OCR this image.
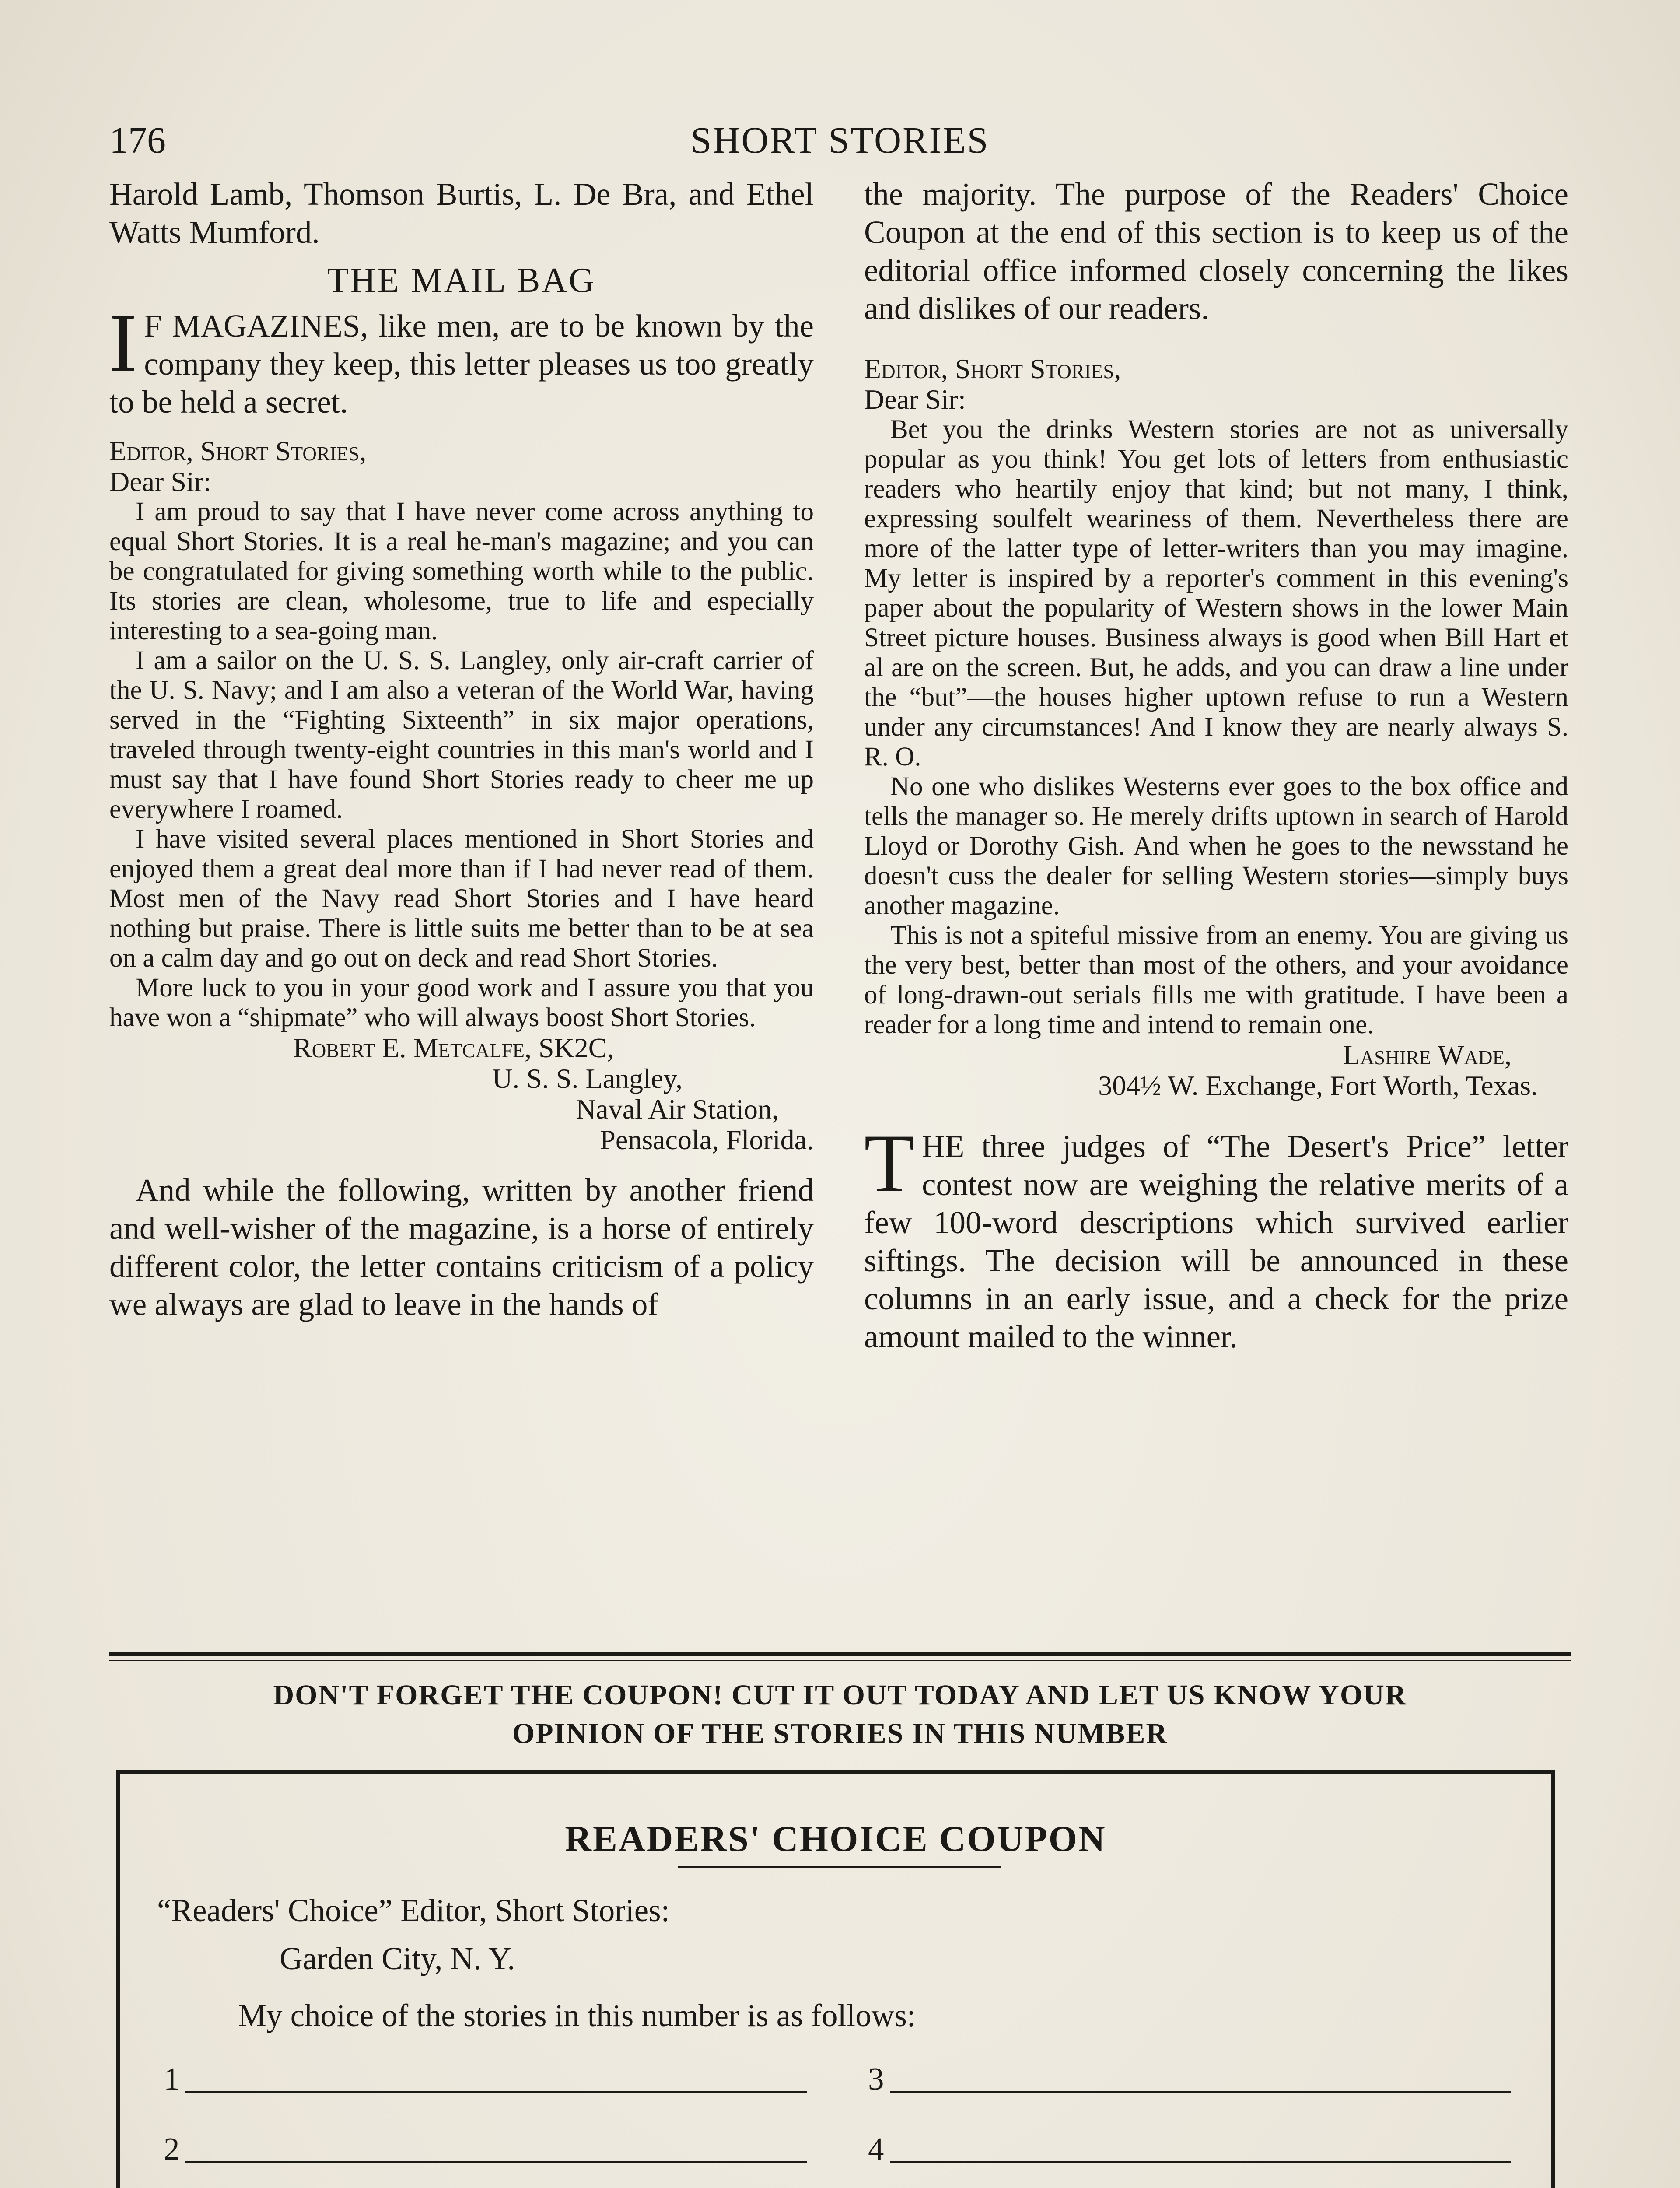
176	SHORT STORIES

Harold Lamb, Thomson Burtis, L. De Bra, and Ethel Watts Mumford.

THE MAIL BAG

I F MAGAZINES, like men, are to be known by the company they keep, this letter pleases us too greatly to be held a secret.

Editor, Short Stories,
Dear Sir:

I am proud to say that I have never come across anything to equal Short Stories. It is a real he-man's magazine; and you can be congratulated for giving something worth while to the public. Its stories are clean, wholesome, true to life and especially interesting to a sea-going man.

I am a sailor on the U. S. S. Langley, only air-craft carrier of the U. S. Navy; and I am also a veteran of the World War, having served in the “Fighting Sixteenth” in six major operations, traveled through twenty-eight countries in this man's world and I must say that I have found Short Stories ready to cheer me up everywhere I roamed.

I have visited several places mentioned in Short Stories and enjoyed them a great deal more than if I had never read of them. Most men of the Navy read Short Stories and I have heard nothing but praise. There is little suits me better than to be at sea on a calm day and go out on deck and read Short Stories.

More luck to you in your good work and I assure you that you have won a “shipmate” who will always boost Short Stories.

Robert E. Metcalfe, SK2C,

U. S. S. Langley,

Naval Air Station,

Pensacola, Florida.

And while the following, written by another friend and well-wisher of the magazine, is a horse of entirely different color, the letter contains criticism of a policy we always are glad to leave in the hands of

the majority. The purpose of the Readers' Choice Coupon at the end of this section is to keep us of the editorial office informed closely concerning the likes and dislikes of our readers.

Editor, Short Stories,
Dear Sir:

Bet you the drinks Western stories are not as universally popular as you think! You get lots of letters from enthusiastic readers who heartily enjoy that kind; but not many, I think, expressing soulfelt weariness of them. Nevertheless there are more of the latter type of letter-writers than you may imagine. My letter is inspired by a reporter's comment in this evening's paper about the popularity of Western shows in the lower Main Street picture houses. Business always is good when Bill Hart et al are on the screen. But, he adds, and you can draw a line under the “but”—the houses higher uptown refuse to run a Western under any circumstances! And I know they are nearly always S. R. O.

No one who dislikes Westerns ever goes to the box office and tells the manager so. He merely drifts uptown in search of Harold Lloyd or Dorothy Gish. And when he goes to the newsstand he doesn't cuss the dealer for selling Western stories—simply buys another magazine.

This is not a spiteful missive from an enemy. You are giving us the very best, better than most of the others, and your avoidance of long-drawn-out serials fills me with gratitude. I have been a reader for a long time and intend to remain one.

Lashire Wade,

304½ W. Exchange, Fort Worth, Texas.

THE three judges of “The Desert's Price” letter contest now are weighing the relative merits of a few 100-word descriptions which survived earlier siftings. The decision will be announced in these columns in an early issue, and a check for the prize amount mailed to the winner.

DON'T FORGET THE COUPON! CUT IT OUT TODAY AND LET US KNOW YOUR
OPINION OF THE STORIES IN THIS NUMBER
READERS' CHOICE COUPON
“Readers' Choice” Editor, Short Stories:
Garden City, N. Y.
My choice of the stories in this number is as follows:
1	3
2	4
